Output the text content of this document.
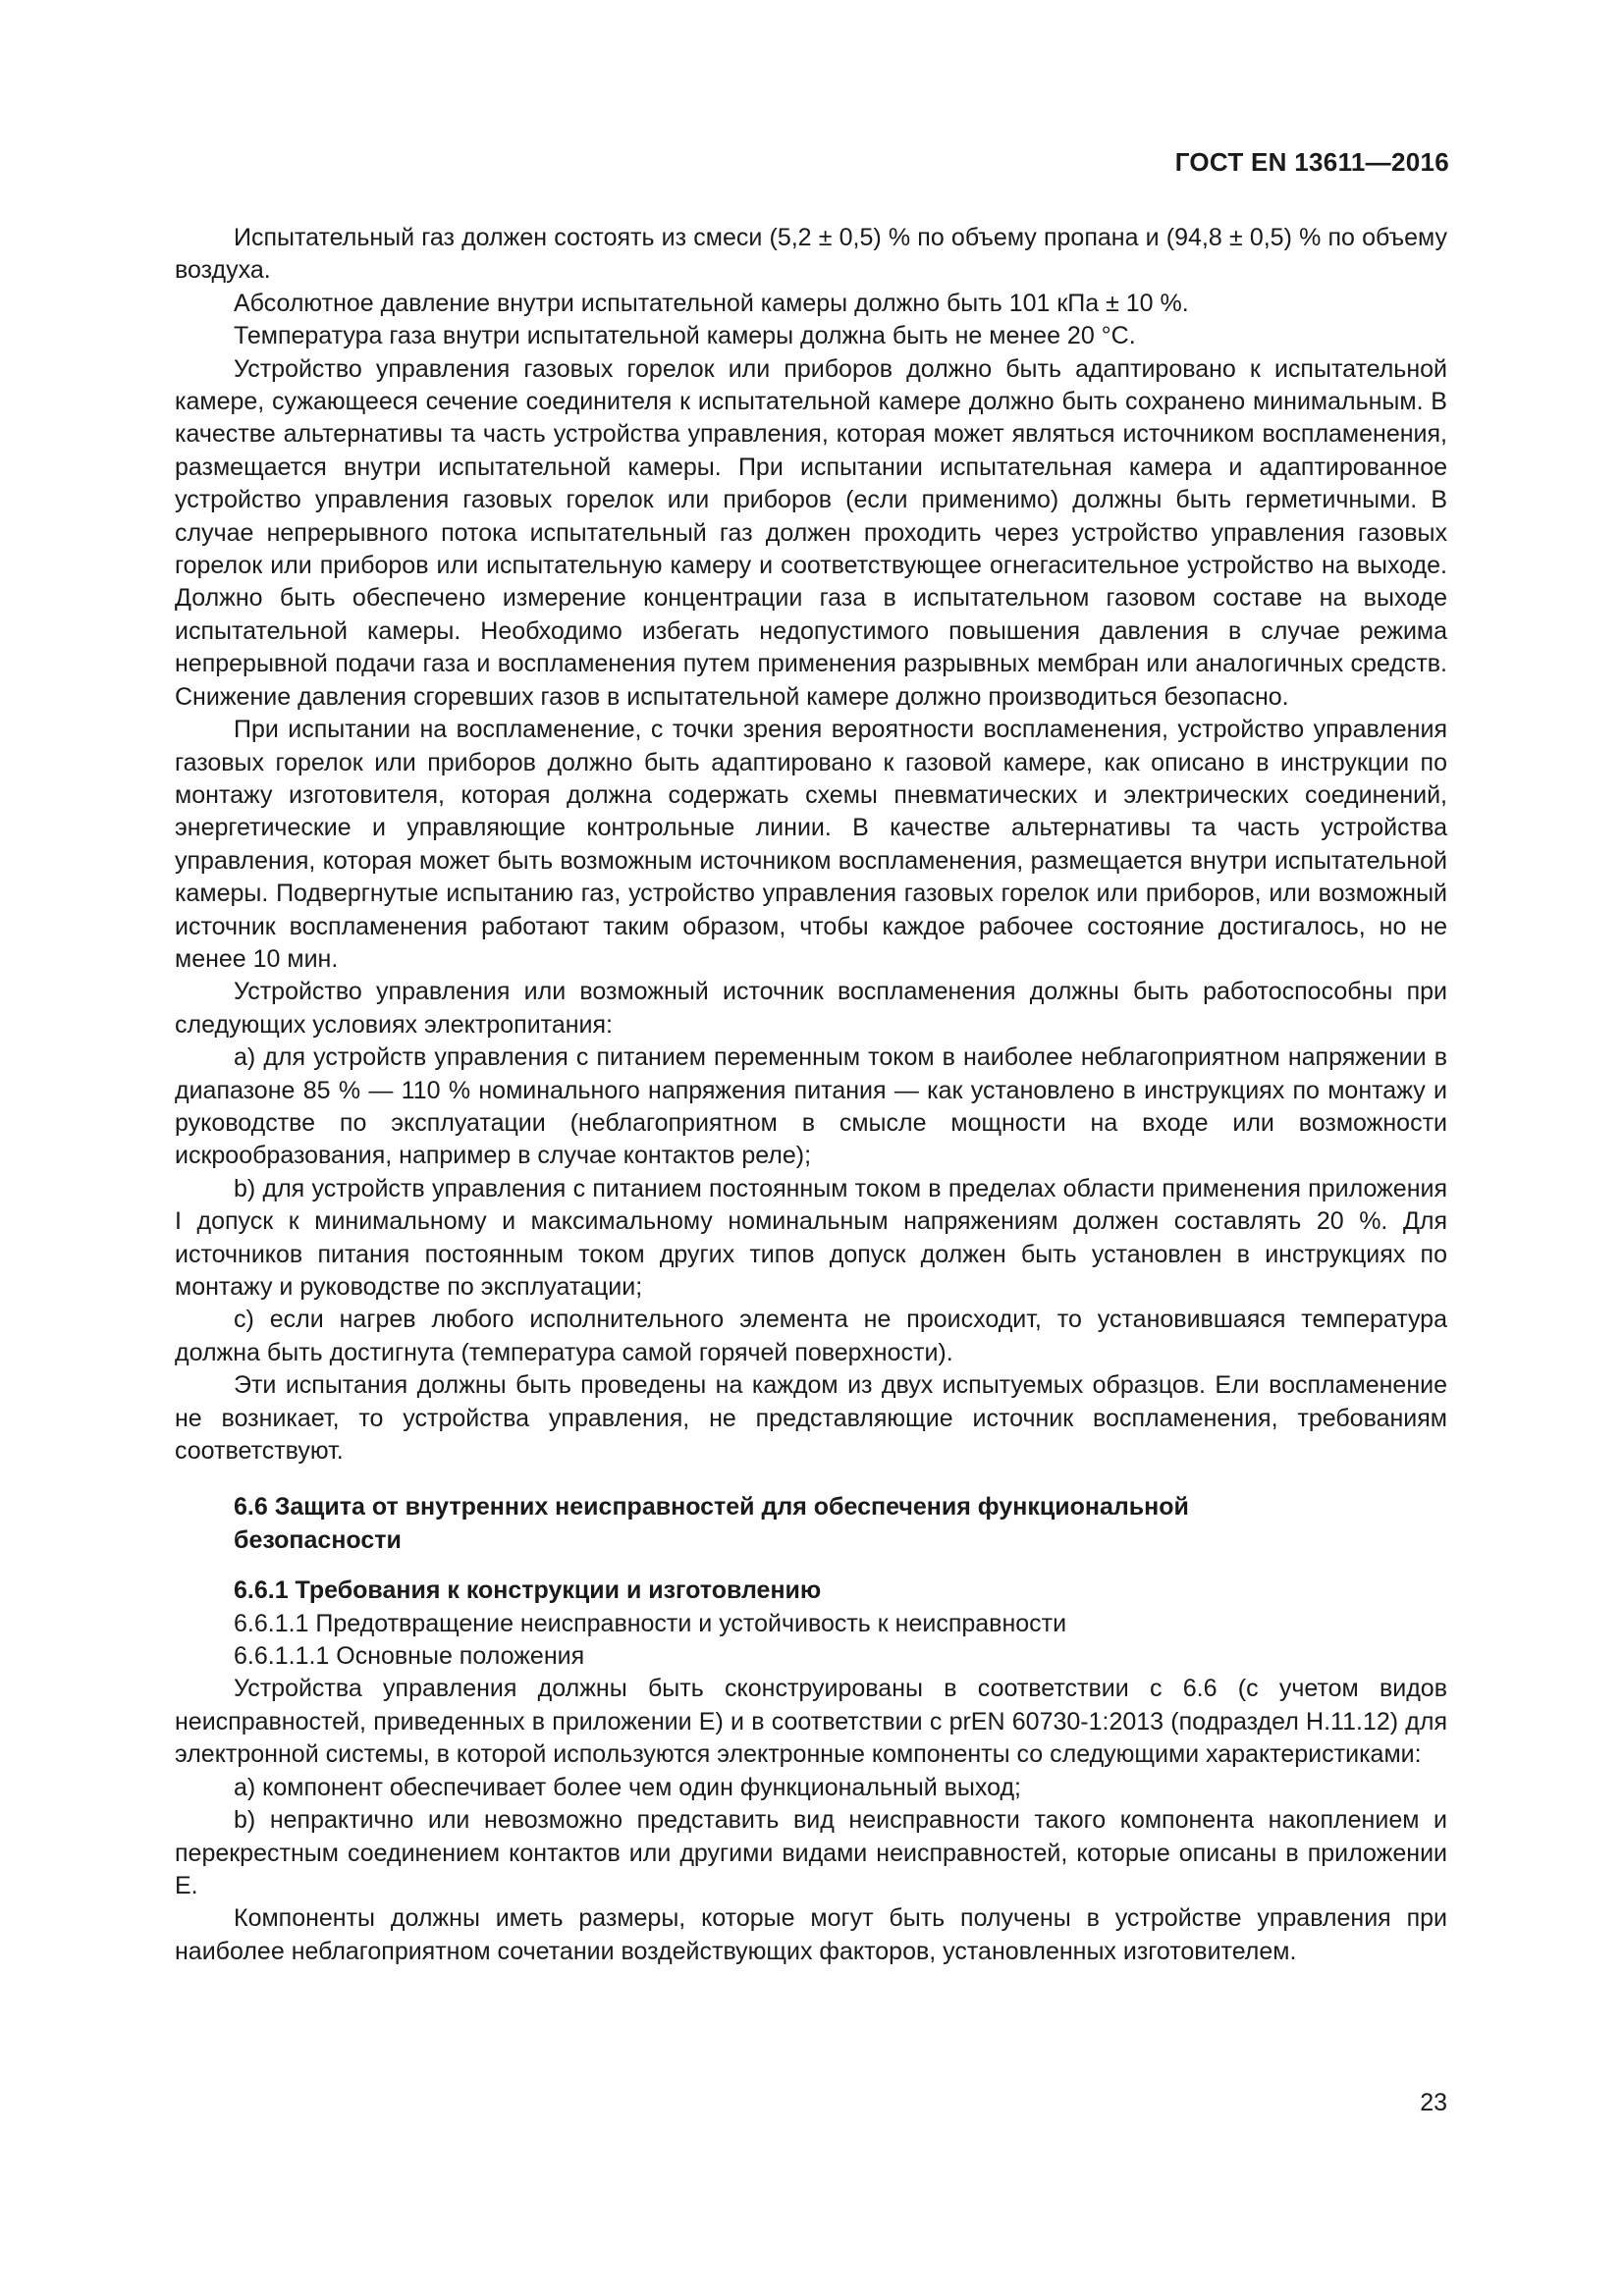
ГОСТ EN 13611—2016

Испытательный газ должен состоять из смеси (5,2 ± 0,5) % по объему пропана и (94,8 ± 0,5) % по объему воздуха.

Абсолютное давление внутри испытательной камеры должно быть 101 кПа ± 10 %.

Температура газа внутри испытательной камеры должна быть не менее 20 °С.

Устройство управления газовых горелок или приборов должно быть адаптировано к испытательной камере, сужающееся сечение соединителя к испытательной камере должно быть сохранено минимальным. В качестве альтернативы та часть устройства управления, которая может являться источником воспламенения, размещается внутри испытательной камеры. При испытании испытательная камера и адаптированное устройство управления газовых горелок или приборов (если применимо) должны быть герметичными. В случае непрерывного потока испытательный газ должен проходить через устройство управления газовых горелок или приборов или испытательную камеру и соответствующее огнегасительное устройство на выходе. Должно быть обеспечено измерение концентрации газа в испытательном газовом составе на выходе испытательной камеры. Необходимо избегать недопустимого повышения давления в случае режима непрерывной подачи газа и воспламенения путем применения разрывных мембран или аналогичных средств. Снижение давления сгоревших газов в испытательной камере должно производиться безопасно.

При испытании на воспламенение, с точки зрения вероятности воспламенения, устройство управления газовых горелок или приборов должно быть адаптировано к газовой камере, как описано в инструкции по монтажу изготовителя, которая должна содержать схемы пневматических и электрических соединений, энергетические и управляющие контрольные линии. В качестве альтернативы та часть устройства управления, которая может быть возможным источником воспламенения, размещается внутри испытательной камеры. Подвергнутые испытанию газ, устройство управления газовых горелок или приборов, или возможный источник воспламенения работают таким образом, чтобы каждое рабочее состояние достигалось, но не менее 10 мин.

Устройство управления или возможный источник воспламенения должны быть работоспособны при следующих условиях электропитания:

a) для устройств управления с питанием переменным током в наиболее неблагоприятном напряжении в диапазоне 85 % — 110 % номинального напряжения питания — как установлено в инструкциях по монтажу и руководстве по эксплуатации (неблагоприятном в смысле мощности на входе или возможности искрообразования, например в случае контактов реле);

b) для устройств управления с питанием постоянным током в пределах области применения приложения I допуск к минимальному и максимальному номинальным напряжениям должен составлять 20 %. Для источников питания постоянным током других типов допуск должен быть установлен в инструкциях по монтажу и руководстве по эксплуатации;

c) если нагрев любого исполнительного элемента не происходит, то установившаяся температура должна быть достигнута (температура самой горячей поверхности).

Эти испытания должны быть проведены на каждом из двух испытуемых образцов. Ели воспламенение не возникает, то устройства управления, не представляющие источник воспламенения, требованиям соответствуют.

6.6 Защита от внутренних неисправностей для обеспечения функциональной безопасности
6.6.1 Требования к конструкции и изготовлению

6.6.1.1 Предотвращение неисправности и устойчивость к неисправности

6.6.1.1.1 Основные положения

Устройства управления должны быть сконструированы в соответствии с 6.6 (с учетом видов неисправностей, приведенных в приложении E) и в соответствии с prEN 60730-1:2013 (подраздел H.11.12) для электронной системы, в которой используются электронные компоненты со следующими характеристиками:

a) компонент обеспечивает более чем один функциональный выход;

b) непрактично или невозможно представить вид неисправности такого компонента накоплением и перекрестным соединением контактов или другими видами неисправностей, которые описаны в приложении E.

Компоненты должны иметь размеры, которые могут быть получены в устройстве управления при наиболее неблагоприятном сочетании воздействующих факторов, установленных изготовителем.

23
